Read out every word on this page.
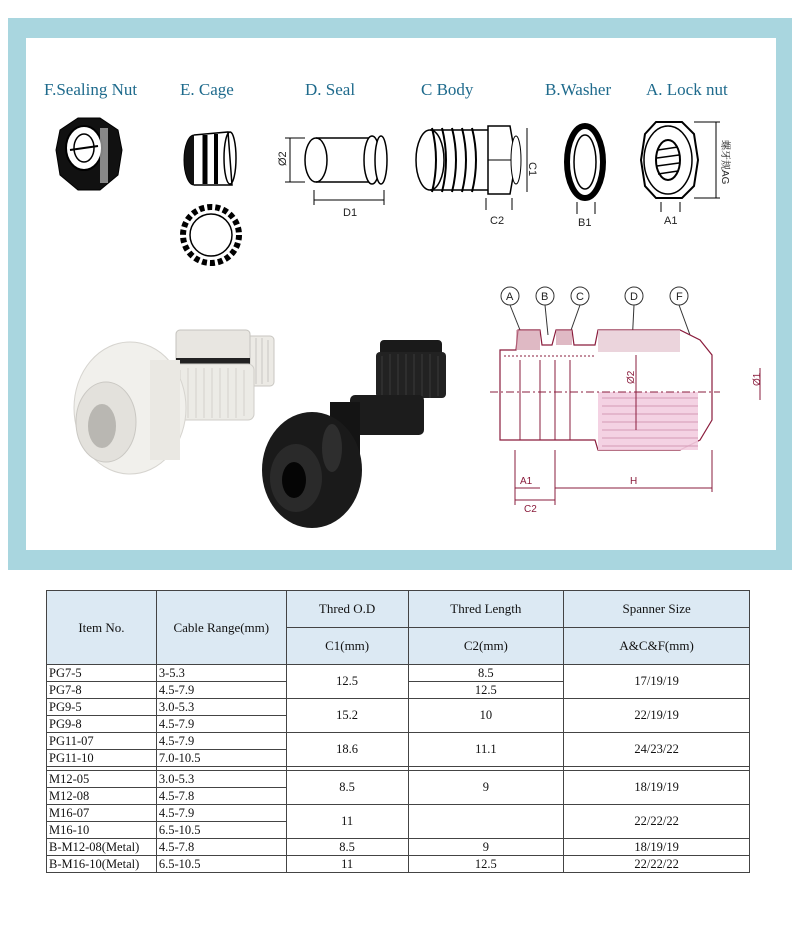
F.Sealing Nut	E. Cage	D. Seal	C Body	B.Washer A. Lock nut
Ø2
D1
C1
C2	B1	A1
螺牙规AG
A	B	C	D	F
Ø2	Ø1
A1
C2
H
Item No.	Cable Range(mm)	Thred O.D	Thred Length	Spanner Size
		C1(mm)	C2(mm)	A&C&F(mm)
PG7-5	3-5.3	12.5	8.5	17/19/19
PG7-8	4.5-7.9		12.5	
PG9-5	3.0-5.3	15.2	10	22/19/19
PG9-8	4.5-7.9			
PG11-07	4.5-7.9	18.6	11.1	24/23/22
PG11-10	7.0-10.5			

M12-05	3.0-5.3	8.5	9	18/19/19
M12-08	4.5-7.8			
M16-07	4.5-7.9	11		22/22/22
M16-10	6.5-10.5			
B-M12-08(Metal)	4.5-7.8	8.5	9	18/19/19
B-M16-10(Metal)	6.5-10.5	11	12.5	22/22/22
